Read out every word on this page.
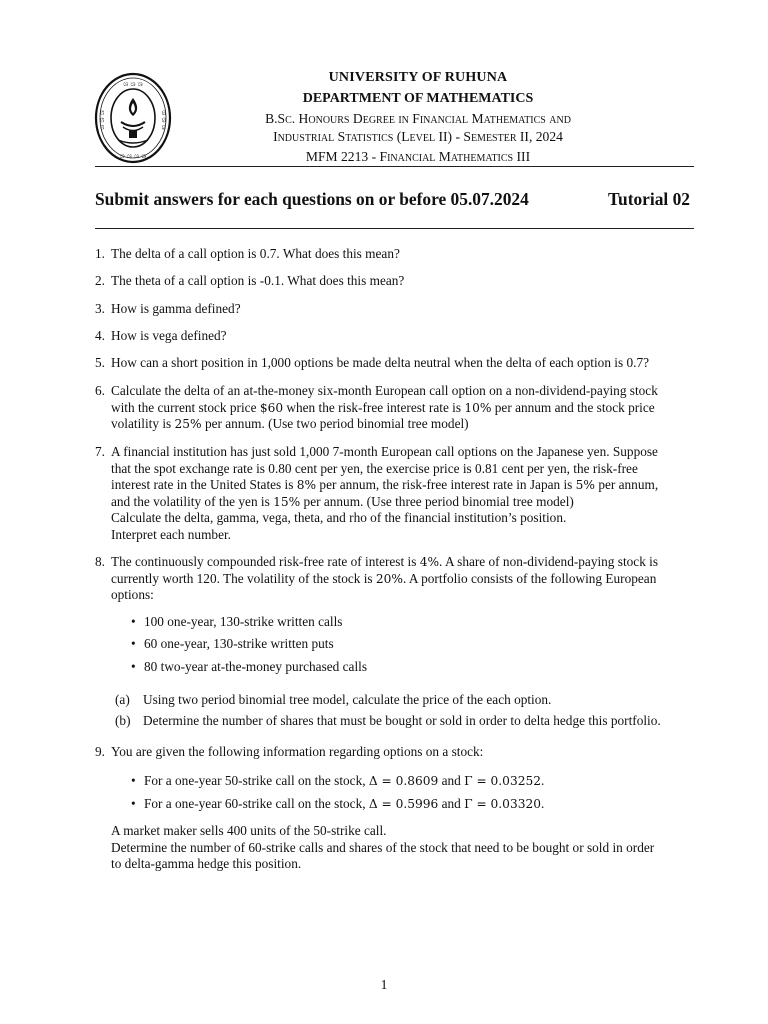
ශ ශ ශ
ශ ශ ශ ශ
ශ ශ ශ	ශ ශ ශ
UNIVERSITY OF RUHUNA
DEPARTMENT OF MATHEMATICS
B.Sc. Honours Degree in Financial Mathematics and
Industrial Statistics (Level II) - Semester II, 2024
MFM 2213 - Financial Mathematics III
Submit answers for each questions on or before 05.07.2024	Tutorial 02
1. The delta of a call option is 0.7. What does this mean?
2. The theta of a call option is -0.1. What does this mean?
3. How is gamma defined?
4. How is vega defined?
5. How can a short position in 1,000 options be made delta neutral when the delta of each option is 0.7?
6. Calculate the delta of an at-the-money six-month European call option on a non-dividend-paying stock
with the current stock price $60 when the risk-free interest rate is 10% per annum and the stock price
volatility is 25% per annum. (Use two period binomial tree model)
7. A financial institution has just sold 1,000 7-month European call options on the Japanese yen. Suppose
that the spot exchange rate is 0.80 cent per yen, the exercise price is 0.81 cent per yen, the risk-free
interest rate in the United States is 8% per annum, the risk-free interest rate in Japan is 5% per annum,
and the volatility of the yen is 15% per annum. (Use three period binomial tree model)
Calculate the delta, gamma, vega, theta, and rho of the financial institution’s position.
Interpret each number.
8. The continuously compounded risk-free rate of interest is 4%. A share of non-dividend-paying stock is
currently worth 120. The volatility of the stock is 20%. A portfolio consists of the following European
options:
• 100 one-year, 130-strike written calls
• 60 one-year, 130-strike written puts
• 80 two-year at-the-money purchased calls
(a) Using two period binomial tree model, calculate the price of the each option.
(b) Determine the number of shares that must be bought or sold in order to delta hedge this portfolio.
9. You are given the following information regarding options on a stock:
• For a one-year 50-strike call on the stock, Δ = 0.8609 and Γ = 0.03252.
• For a one-year 60-strike call on the stock, Δ = 0.5996 and Γ = 0.03320.
A market maker sells 400 units of the 50-strike call.
Determine the number of 60-strike calls and shares of the stock that need to be bought or sold in order
to delta-gamma hedge this position.
1
